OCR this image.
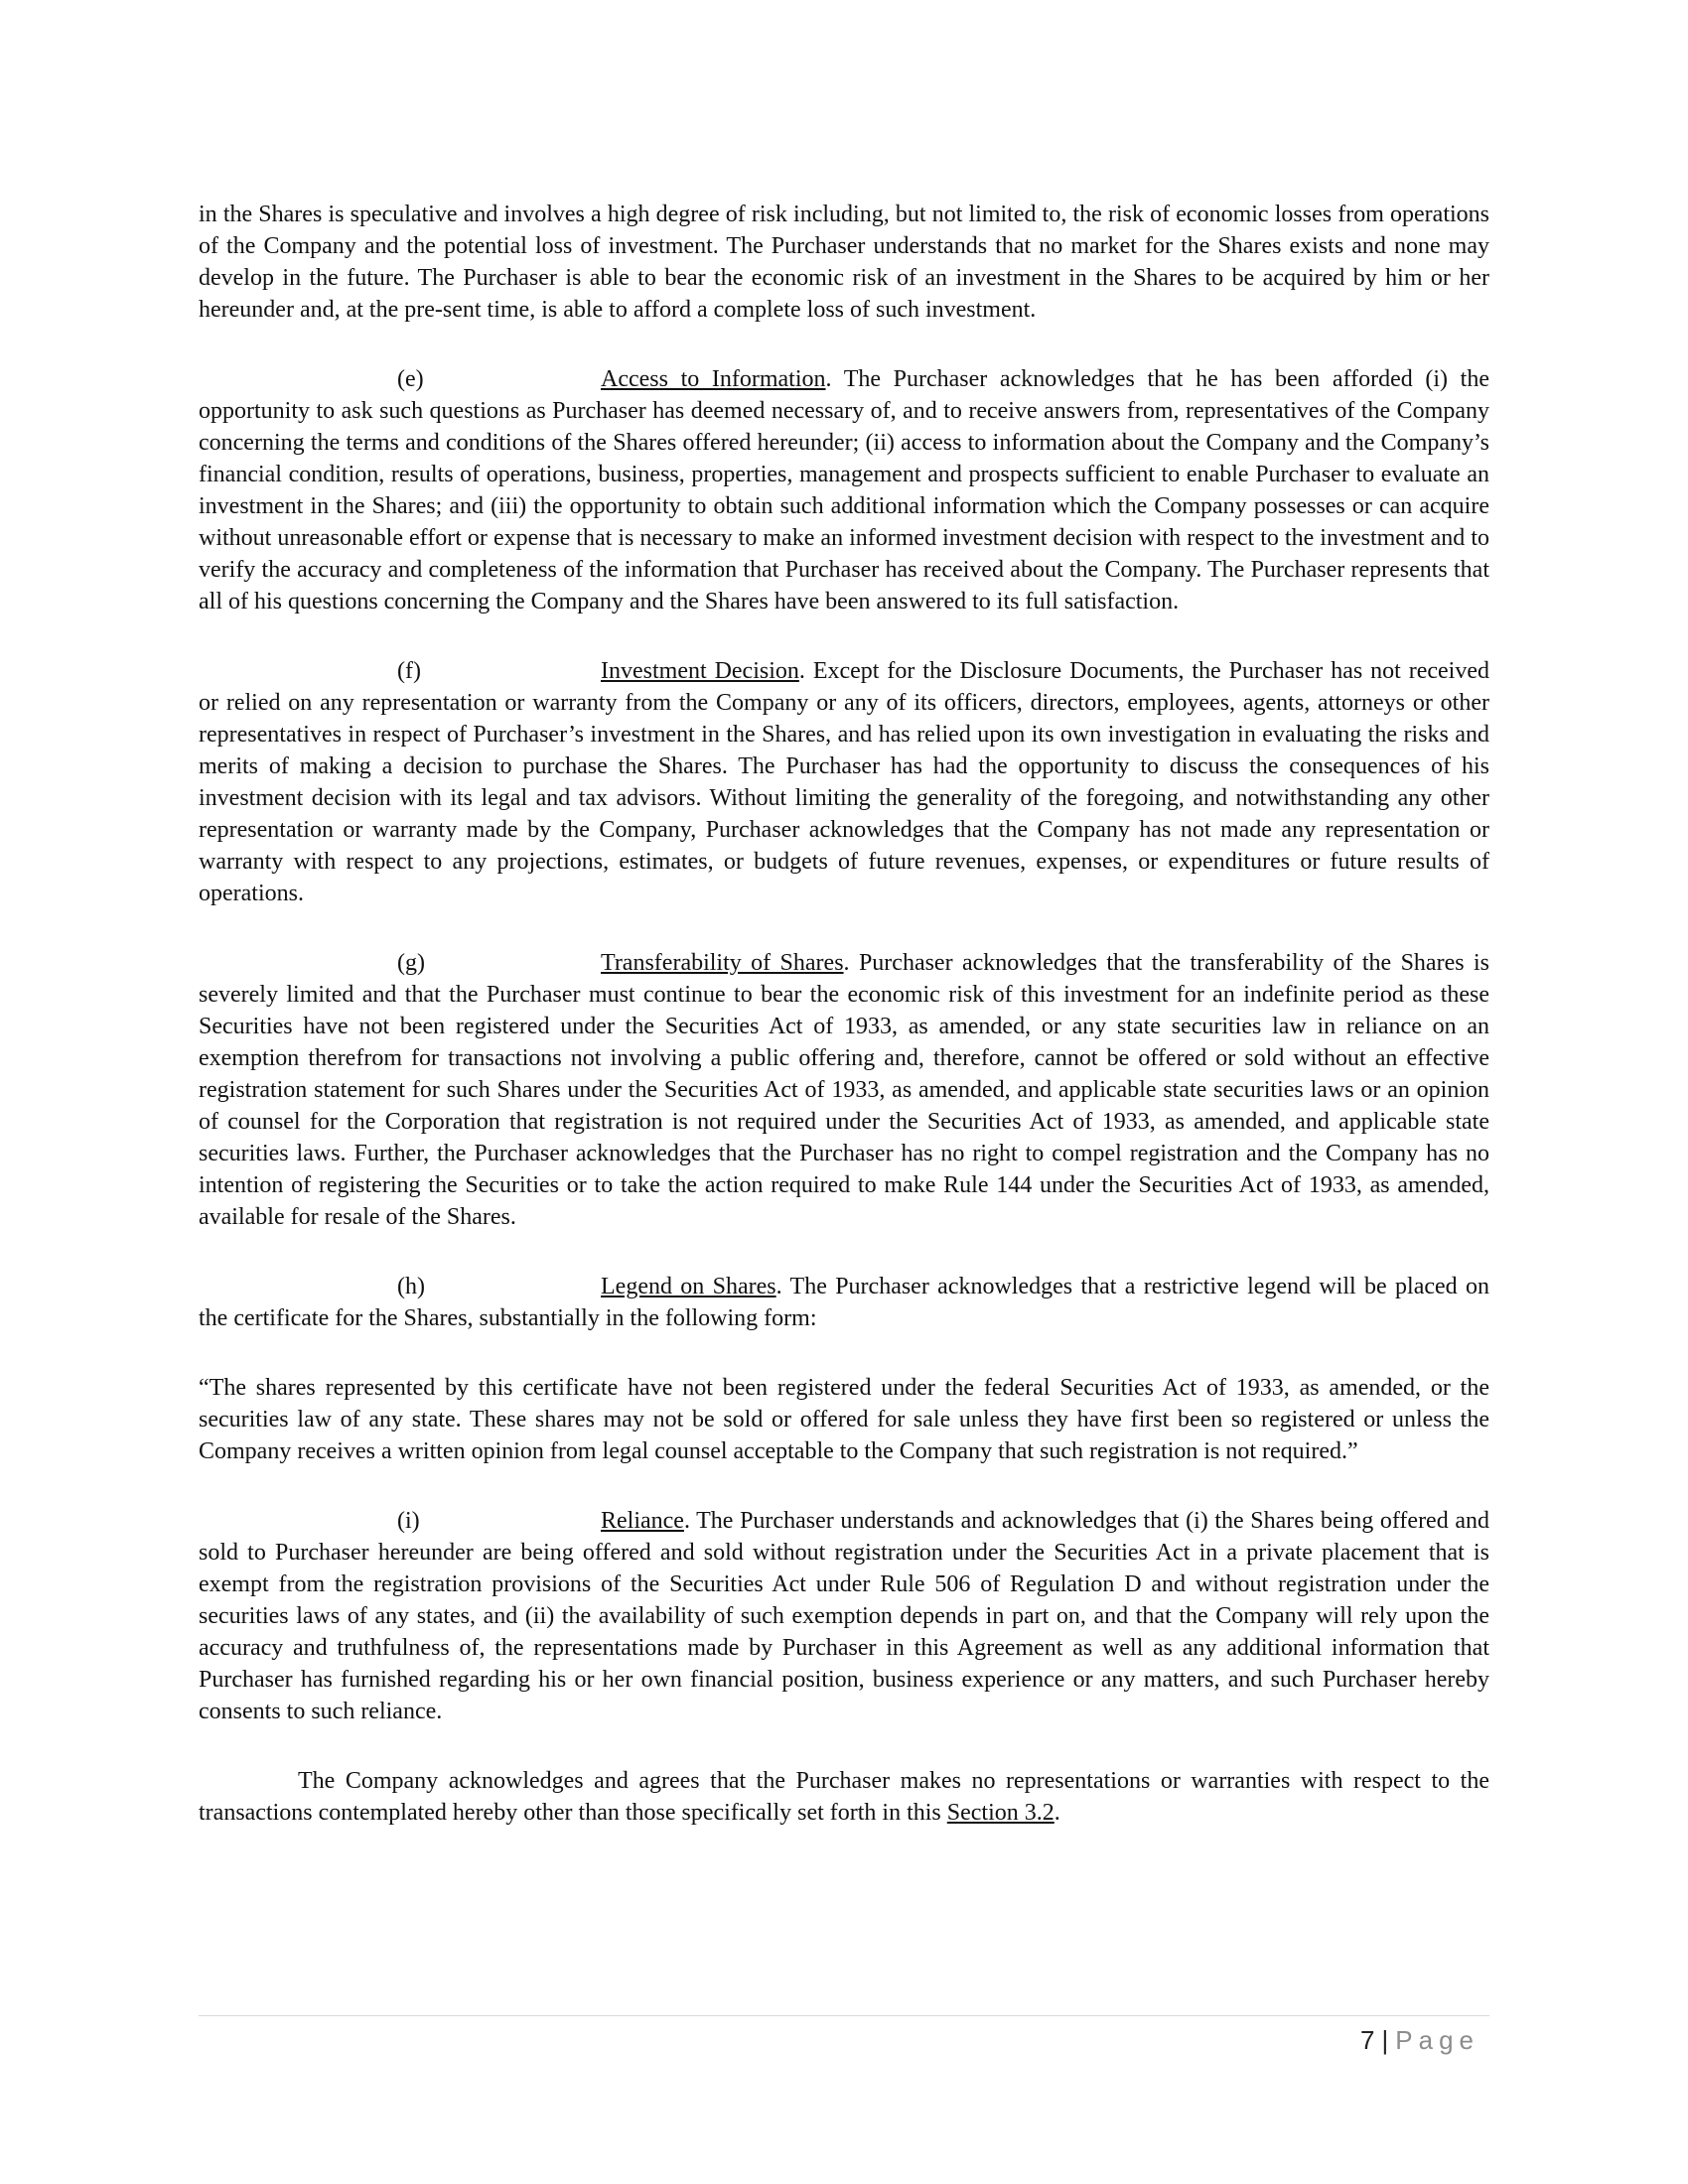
in the Shares is speculative and involves a high degree of risk including, but not limited to, the risk of economic losses from operations of the Company and the potential loss of investment. The Purchaser understands that no market for the Shares exists and none may develop in the future. The Purchaser is able to bear the economic risk of an investment in the Shares to be acquired by him or her hereunder and, at the pre-sent time, is able to afford a complete loss of such investment.

(e)	Access to Information. The Purchaser acknowledges that he has been afforded (i) the opportunity to ask such questions as Purchaser has deemed necessary of, and to receive answers from, representatives of the Company concerning the terms and conditions of the Shares offered hereunder; (ii) access to information about the Company and the Company’s financial condition, results of operations, business, properties, management and prospects sufficient to enable Purchaser to evaluate an investment in the Shares; and (iii) the opportunity to obtain such additional information which the Company possesses or can acquire without unreasonable effort or expense that is necessary to make an informed investment decision with respect to the investment and to verify the accuracy and completeness of the information that Purchaser has received about the Company. The Purchaser represents that all of his questions concerning the Company and the Shares have been answered to its full satisfaction.

(f)	Investment Decision. Except for the Disclosure Documents, the Purchaser has not received or relied on any representation or warranty from the Company or any of its officers, directors, employees, agents, attorneys or other representatives in respect of Purchaser’s investment in the Shares, and has relied upon its own investigation in evaluating the risks and merits of making a decision to purchase the Shares. The Purchaser has had the opportunity to discuss the consequences of his investment decision with its legal and tax advisors. Without limiting the generality of the foregoing, and notwithstanding any other representation or warranty made by the Company, Purchaser acknowledges that the Company has not made any representation or warranty with respect to any projections, estimates, or budgets of future revenues, expenses, or expenditures or future results of operations.

(g)	Transferability of Shares. Purchaser acknowledges that the transferability of the Shares is severely limited and that the Purchaser must continue to bear the economic risk of this investment for an indefinite period as these Securities have not been registered under the Securities Act of 1933, as amended, or any state securities law in reliance on an exemption therefrom for transactions not involving a public offering and, therefore, cannot be offered or sold without an effective registration statement for such Shares under the Securities Act of 1933, as amended, and applicable state securities laws or an opinion of counsel for the Corporation that registration is not required under the Securities Act of 1933, as amended, and applicable state securities laws. Further, the Purchaser acknowledges that the Purchaser has no right to compel registration and the Company has no intention of registering the Securities or to take the action required to make Rule 144 under the Securities Act of 1933, as amended, available for resale of the Shares.

(h)	Legend on Shares. The Purchaser acknowledges that a restrictive legend will be placed on the certificate for the Shares, substantially in the following form:

“The shares represented by this certificate have not been registered under the federal Securities Act of 1933, as amended, or the securities law of any state. These shares may not be sold or offered for sale unless they have first been so registered or unless the Company receives a written opinion from legal counsel acceptable to the Company that such registration is not required.”

(i)	Reliance. The Purchaser understands and acknowledges that (i) the Shares being offered and sold to Purchaser hereunder are being offered and sold without registration under the Securities Act in a private placement that is exempt from the registration provisions of the Securities Act under Rule 506 of Regulation D and without registration under the securities laws of any states, and (ii) the availability of such exemption depends in part on, and that the Company will rely upon the accuracy and truthfulness of, the representations made by Purchaser in this Agreement as well as any additional information that Purchaser has furnished regarding his or her own financial position, business experience or any matters, and such Purchaser hereby consents to such reliance.

The Company acknowledges and agrees that the Purchaser makes no representations or warranties with respect to the transactions contemplated hereby other than those specifically set forth in this Section 3.2.

7 | Page
